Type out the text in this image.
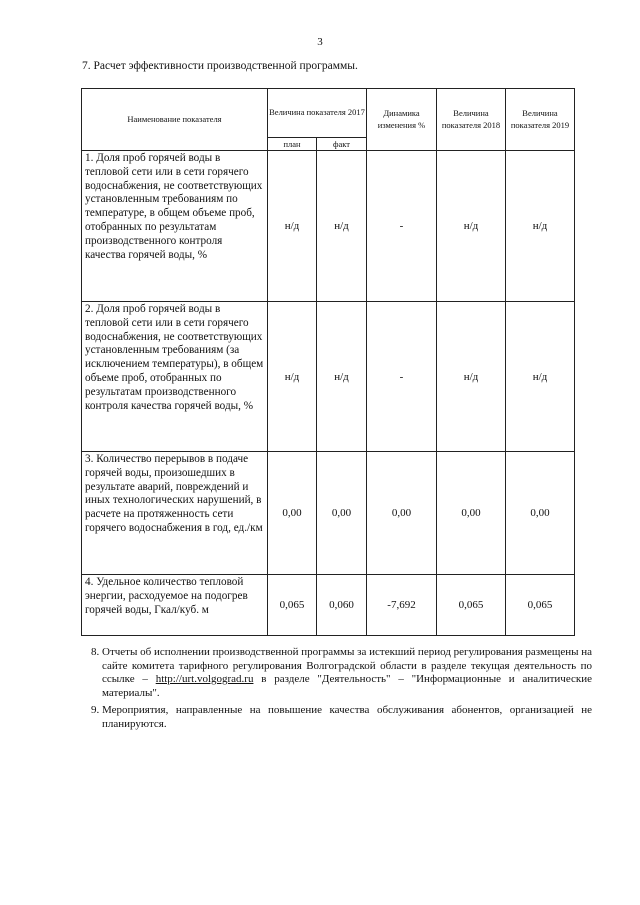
3
7. Расчет эффективности производственной программы.
Наименование показателя	Величина показателя 2017		Динамика изменения %	Величина показателя 2018	Величина показателя 2019
	план	факт			
1. Доля проб горячей воды в тепловой сети или в сети горячего водоснабжения, не соответствующих установленным требованиям по температуре, в общем объеме проб, отобранных по результатам производственного контроля качества горячей воды, %	н/д	н/д	-	н/д	н/д
2. Доля проб горячей воды в тепловой сети или в сети горячего водоснабжения, не соответствующих установленным требованиям (за исключением температуры), в общем объеме проб, отобранных по результатам производственного контроля качества горячей воды, %	н/д	н/д	-	н/д	н/д
3. Количество перерывов в подаче горячей воды, произошедших в результате аварий, повреждений и иных технологических нарушений, в расчете на протяженность сети горячего водоснабжения в год, ед./км	0,00	0,00	0,00	0,00	0,00
4. Удельное количество тепловой энергии, расходуемое на подогрев горячей воды, Гкал/куб. м	0,065	0,060	-7,692	0,065	0,065
8. Отчеты об исполнении производственной программы за истекший период регулирования размещены на сайте комитета тарифного регулирования Волгоградской области в разделе текущая деятельность по ссылке – http://urt.volgograd.ru в разделе "Деятельность" – "Информационные и аналитические материалы".
9. Мероприятия, направленные на повышение качества обслуживания абонентов, организацией не планируются.
